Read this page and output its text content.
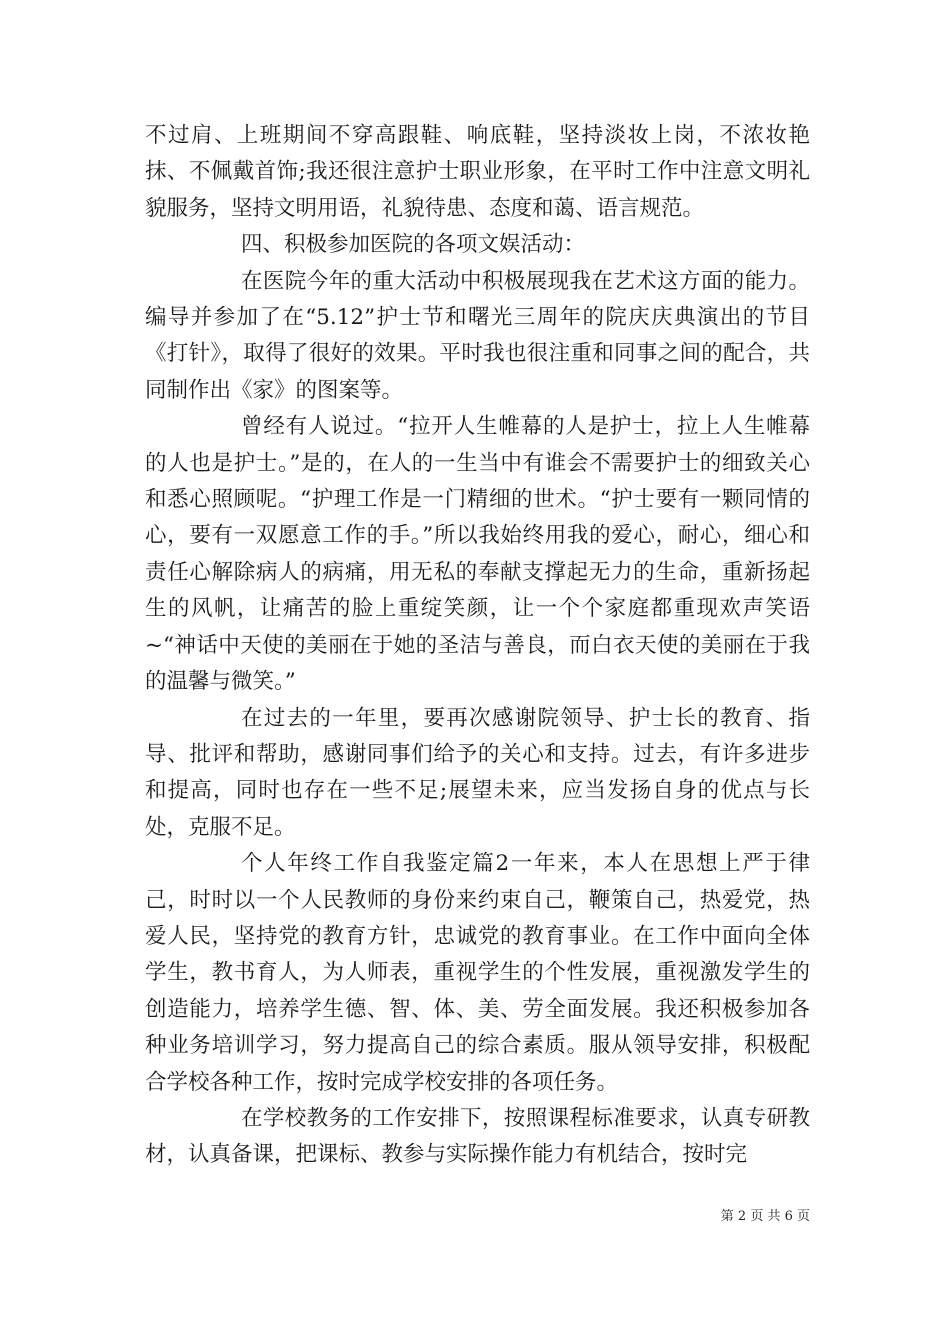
不过肩、上班期间不穿高跟鞋、响底鞋，坚持淡妆上岗，不浓妆艳抹、不佩戴首饰;我还很注意护士职业形象，在平时工作中注意文明礼貌服务，坚持文明用语，礼貌待患、态度和蔼、语言规范。

四、积极参加医院的各项文娱活动：

在医院今年的重大活动中积极展现我在艺术这方面的能力。编导并参加了在“5.12”护士节和曙光三周年的院庆庆典演出的节目《打针》，取得了很好的效果。平时我也很注重和同事之间的配合，共同制作出《家》的图案等。

曾经有人说过。“拉开人生帷幕的人是护士，拉上人生帷幕的人也是护士。”是的，在人的一生当中有谁会不需要护士的细致关心和悉心照顾呢。“护理工作是一门精细的世术。“护士要有一颗同情的心，要有一双愿意工作的手。”所以我始终用我的爱心，耐心，细心和责任心解除病人的病痛，用无私的奉献支撑起无力的生命，重新扬起生的风帆，让痛苦的脸上重绽笑颜，让一个个家庭都重现欢声笑语~“神话中天使的美丽在于她的圣洁与善良，而白衣天使的美丽在于我的温馨与微笑。”

在过去的一年里，要再次感谢院领导、护士长的教育、指导、批评和帮助，感谢同事们给予的关心和支持。过去，有许多进步和提高，同时也存在一些不足;展望未来，应当发扬自身的优点与长处，克服不足。

个人年终工作自我鉴定篇2一年来，本人在思想上严于律己，时时以一个人民教师的身份来约束自己，鞭策自己，热爱党，热爱人民，坚持党的教育方针，忠诚党的教育事业。在工作中面向全体学生，教书育人，为人师表，重视学生的个性发展，重视激发学生的创造能力，培养学生德、智、体、美、劳全面发展。我还积极参加各种业务培训学习，努力提高自己的综合素质。服从领导安排，积极配合学校各种工作，按时完成学校安排的各项任务。

在学校教务的工作安排下，按照课程标准要求，认真专研教材，认真备课，把课标、教参与实际操作能力有机结合，按时完

第 2 页 共 6 页
